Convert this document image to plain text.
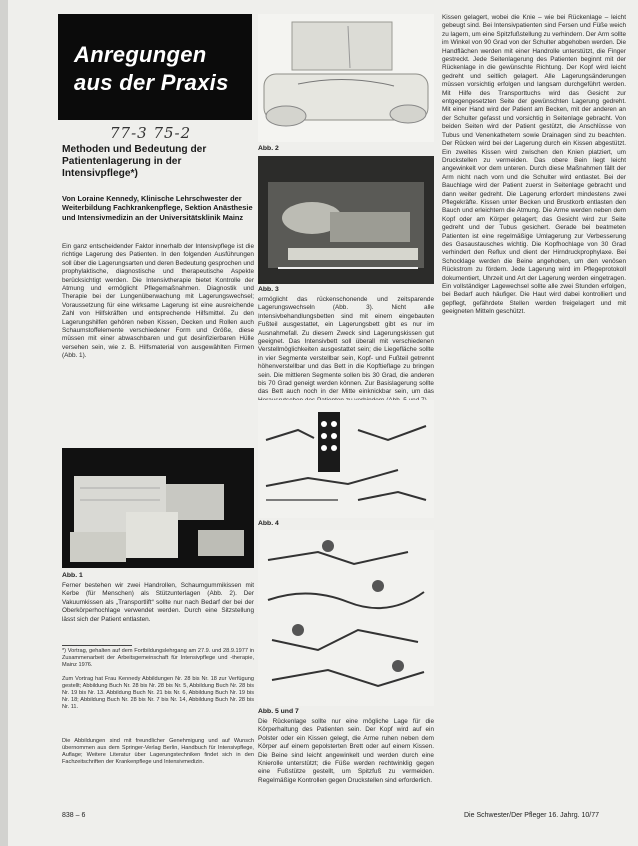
Anregungen
aus der Praxis
77-3 75-2
Methoden und Bedeutung der Patientenlagerung in der Intensivpflege*)
Von Loraine Kennedy, Klinische Lehrschwester der Weiterbildung Fachkrankenpflege, Sektion Anästhesie und Intensivmedizin an der Universitätsklinik Mainz

Ein ganz entscheidender Faktor innerhalb der Intensivpflege ist die richtige Lagerung des Patienten. In den folgenden Ausführungen soll über die Lagerungsarten und deren Bedeutung gesprochen und prophylaktische, diagnostische und therapeutische Aspekte berücksichtigt werden. Die Intensivtherapie bietet Kontrolle der Atmung und ermöglicht Pflegemaßnahmen. Diagnostik und Therapie bei der Lungenüberwachung mit Lagerungswechsel; Voraussetzung für eine wirksame Lagerung ist eine ausreichende Zahl von Hilfskräften und entsprechende Hilfsmittel. Zu den Lagerungshilfen gehören neben Kissen, Decken und Rollen auch Schaumstoffelemente verschiedener Form und Größe, diese müssen mit einer abwaschbaren und gut desinfizierbaren Hülle versehen sein, wie z. B. Hilfsmaterial von ausgewählten Firmen (Abb. 1).

Abb. 1

Ferner bestehen wir zwei Handrollen, Schaumgummikissen mit Kerbe (für Menschen) als Stützunterlagen (Abb. 2). Der Vakuumkissen als „Transportlift“ sollte nur nach Bedarf der bei der Oberkörperhochlage verwendet werden. Durch eine Sitzstellung lässt sich der Patient entlasten.

*) Vortrag, gehalten auf dem Fortbildungslehrgang am 27.9. und 28.9.1977 in Zusammenarbeit der Arbeitsgemeinschaft für Intensivpflege und -therapie, Mainz 1976.

Zum Vortrag hat Frau Kennedy Abbildungen Nr. 28 bis Nr. 18 zur Verfügung gestellt; Abbildung Buch Nr. 28 bis Nr. 28 bis Nr. 5, Abbildung Buch Nr. 28 bis Nr. 19 bis Nr. 13. Abbildung Buch Nr. 21 bis Nr. 6, Abbildung Buch Nr. 19 bis Nr. 18; Abbildung Buch Nr. 28 bis Nr. 7 bis Nr. 14, Abbildung Buch Nr. 28 bis Nr. 11.

Die Abbildungen sind mit freundlicher Genehmigung und auf Wunsch übernommen aus dem Springer-Verlag Berlin, Handbuch für Intensivpflege, Auflage; Weitere Literatur über Lagerungstechniken findet sich in den Fachzeitschriften der Krankenpflege und Intensivmedizin.

Abb. 2
Abb. 3

ermöglicht das rückenschonende und zeitsparende Lagerungswechseln (Abb. 3). Nicht alle Intensivbehandlungsbetten sind mit einem eingebauten Fußteil ausgestattet, ein Lagerungsbett gibt es nur im Ausnahmefall. Zu diesem Zweck sind Lagerungskissen gut geeignet. Das Intensivbett soll überall mit verschiedenen Verstellmöglichkeiten ausgestattet sein; die Liegefläche sollte in vier Segmente verstellbar sein, Kopf- und Fußteil getrennt höhenverstellbar und das Bett in die Kopftieflage zu bringen sein. Die mittleren Segmente sollen bis 30 Grad, die anderen bis 70 Grad geneigt werden können. Zur Basislagerung sollte das Bett auch noch in der Mitte einknickbar sein, um das

Abb. 4
Abb. 5 und 7

Die Rückenlage sollte nur eine mögliche Lage für die Körperhaltung des Patienten sein. Der Kopf wird auf ein Polster oder ein Kissen gelegt, die Arme ruhen neben dem Körper auf einem gepolsterten Brett oder auf einem Kissen. Die Beine sind leicht angewinkelt und werden durch eine Knierolle unterstützt; die Füße werden rechtwinklig gegen eine Fußstütze gestellt, um Spitzfuß zu vermeiden. Regelmäßige Kontrollen gegen Druckstellen sind erforderlich.

Kissen gelagert, wobei die Knie – wie bei Rückenlage – leicht gebeugt sind. Bei Intensivpatienten sind Fersen und Füße weich zu lagern, um eine Spitzfußstellung zu verhindern. Der Arm sollte im Winkel von 90 Grad von der Schulter abgehoben werden. Die Handflächen werden mit einer Handrolle unterstützt, die Finger gestreckt. Jede Seitenlagerung des Patienten beginnt mit der Rückenlage in die gewünschte Richtung. Der Kopf wird leicht gedreht und seitlich gelagert. Alle Lagerungsänderungen müssen vorsichtig erfolgen und langsam durchgeführt werden. Mit Hilfe des Transporttuchs wird das Gesicht zur entgegengesetzten Seite der gewünschten Lagerung gedreht. Mit einer Hand wird der Patient am Becken, mit der anderen an der Schulter gefasst und vorsichtig in Seitenlage gebracht. Von beiden Seiten wird der Patient gestützt, die Anschlüsse von Tubus und Venenkathetern sowie Drainagen sind zu beachten. Der Rücken wird bei der Lagerung durch ein Kissen abgestützt. Ein zweites Kissen wird zwischen den Knien platziert, um Druckstellen zu vermeiden. Das obere Bein liegt leicht angewinkelt vor dem unteren. Durch diese Maßnahmen fällt der Arm nicht nach vorn und die Schulter wird entlastet. Bei der Bauchlage wird der Patient zuerst in Seitenlage gebracht und dann weiter gedreht. Die Lagerung erfordert mindestens zwei Pflegekräfte. Kissen unter Becken und Brustkorb entlasten den Bauch und erleichtern die Atmung. Die Arme werden neben dem Kopf oder am Körper gelagert; das Gesicht wird zur Seite gedreht und der Tubus gesichert. Gerade bei beatmeten Patienten ist eine regelmäßige Umlagerung zur Verbesserung des Gasaustausches wichtig. Die Kopfhochlage von 30 Grad verhindert den Reflux und dient der Hirndruckprophylaxe. Bei Schocklage werden die Beine angehoben, um den venösen Rückstrom zu fördern. Jede Lagerung wird im Pflegeprotokoll dokumentiert, Uhrzeit und Art der Lagerung werden eingetragen. Ein vollständiger Lagewechsel sollte alle zwei Stunden erfolgen, bei Bedarf auch häufiger. Die Haut wird dabei kontrolliert und gepflegt, gefährdete Stellen werden freigelagert und mit geeigneten Mitteln geschützt.

838 – 6	Die Schwester/Der Pfleger 16. Jahrg. 10/77
